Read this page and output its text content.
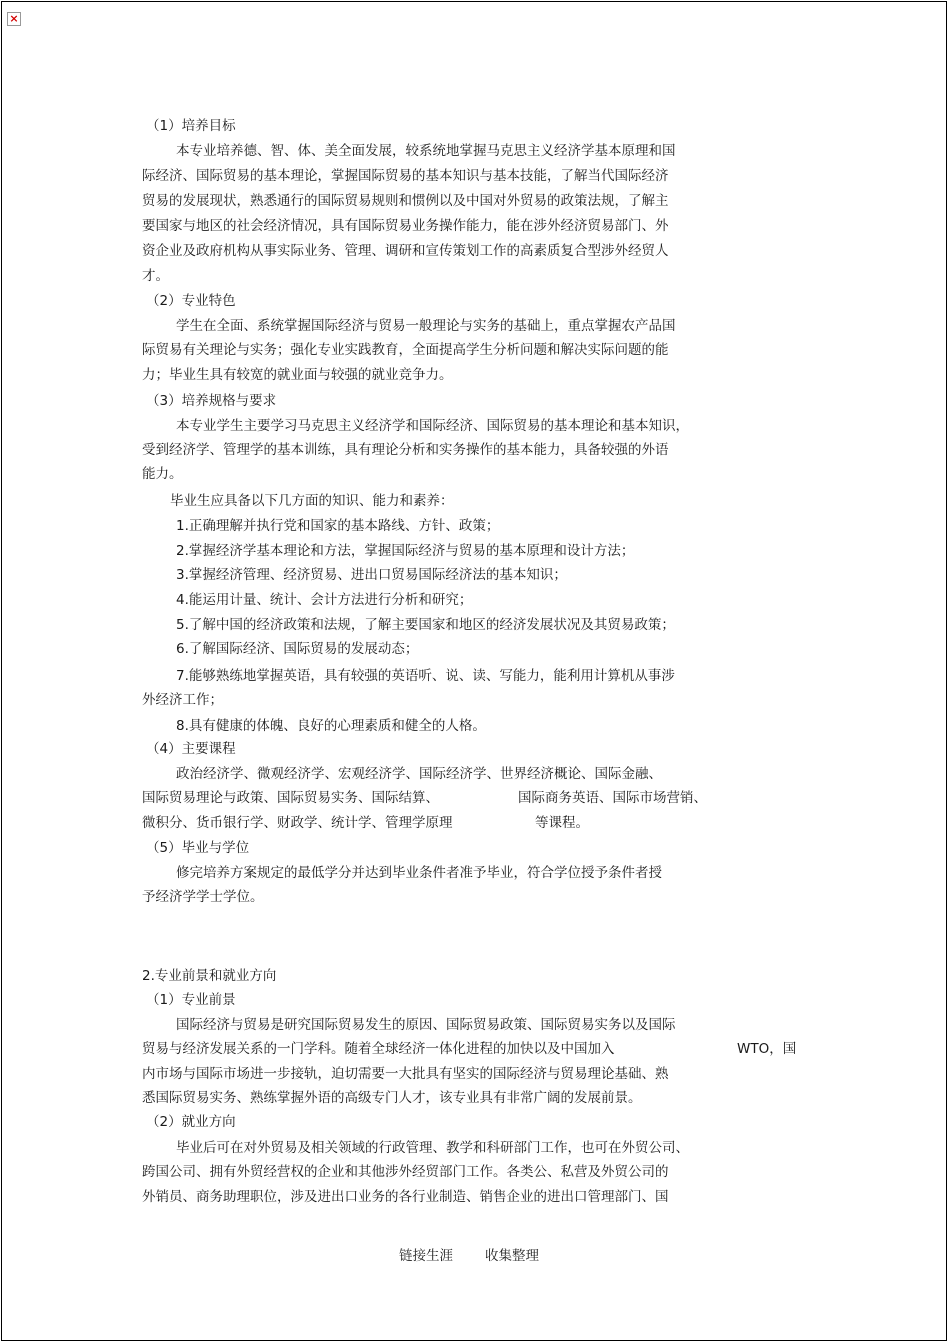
×
（1）培养目标
本专业培养德、智、体、美全面发展，较系统地掌握马克思主义经济学基本原理和国
际经济、国际贸易的基本理论，掌握国际贸易的基本知识与基本技能，了解当代国际经济
贸易的发展现状，熟悉通行的国际贸易规则和惯例以及中国对外贸易的政策法规，了解主
要国家与地区的社会经济情况，具有国际贸易业务操作能力，能在涉外经济贸易部门、外
资企业及政府机构从事实际业务、管理、调研和宣传策划工作的高素质复合型涉外经贸人
才。
（2）专业特色
学生在全面、系统掌握国际经济与贸易一般理论与实务的基础上，重点掌握农产品国
际贸易有关理论与实务；强化专业实践教育，全面提高学生分析问题和解决实际问题的能
力；毕业生具有较宽的就业面与较强的就业竞争力。
（3）培养规格与要求
本专业学生主要学习马克思主义经济学和国际经济、国际贸易的基本理论和基本知识，
受到经济学、管理学的基本训练，具有理论分析和实务操作的基本能力，具备较强的外语
能力。
毕业生应具备以下几方面的知识、能力和素养：
1.正确理解并执行党和国家的基本路线、方针、政策；
2.掌握经济学基本理论和方法，掌握国际经济与贸易的基本原理和设计方法；
3.掌握经济管理、经济贸易、进出口贸易国际经济法的基本知识；
4.能运用计量、统计、会计方法进行分析和研究；
5.了解中国的经济政策和法规，了解主要国家和地区的经济发展状况及其贸易政策；
6.了解国际经济、国际贸易的发展动态；
7.能够熟练地掌握英语，具有较强的英语听、说、读、写能力，能利用计算机从事涉
外经济工作；
8.具有健康的体魄、良好的心理素质和健全的人格。
（4）主要课程
政治经济学、微观经济学、宏观经济学、国际经济学、世界经济概论、国际金融、
国际贸易理论与政策、国际贸易实务、国际结算、	国际商务英语、国际市场营销、
微积分、货币银行学、财政学、统计学、管理学原理	等课程。
（5）毕业与学位
修完培养方案规定的最低学分并达到毕业条件者准予毕业，符合学位授予条件者授
予经济学学士学位。
2.专业前景和就业方向
（1）专业前景
国际经济与贸易是研究国际贸易发生的原因、国际贸易政策、国际贸易实务以及国际
贸易与经济发展关系的一门学科。随着全球经济一体化进程的加快以及中国加入	WTO，国
内市场与国际市场进一步接轨，迫切需要一大批具有坚实的国际经济与贸易理论基础、熟
悉国际贸易实务、熟练掌握外语的高级专门人才，该专业具有非常广阔的发展前景。
（2）就业方向
毕业后可在对外贸易及相关领域的行政管理、教学和科研部门工作，也可在外贸公司、
跨国公司、拥有外贸经营权的企业和其他涉外经贸部门工作。各类公、私营及外贸公司的
外销员、商务助理职位，涉及进出口业务的各行业制造、销售企业的进出口管理部门、国
链接生涯 收集整理
